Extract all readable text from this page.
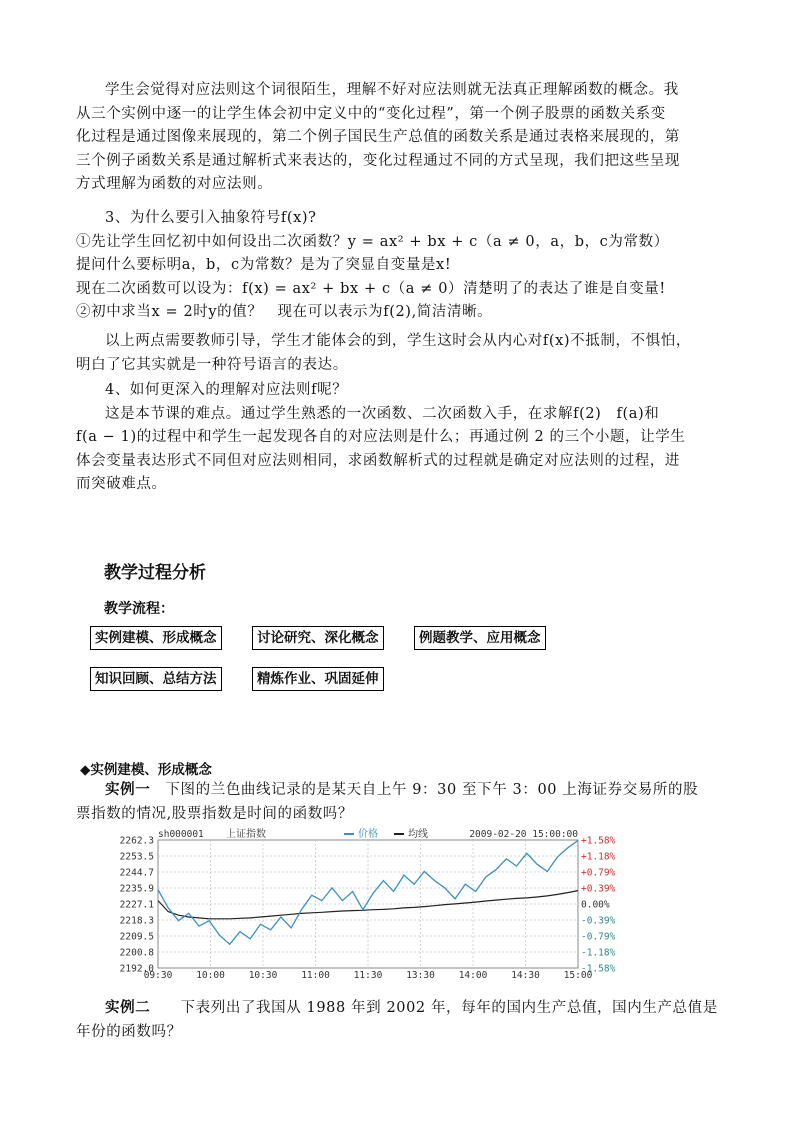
学生会觉得对应法则这个词很陌生，理解不好对应法则就无法真正理解函数的概念。我
从三个实例中逐一的让学生体会初中定义中的“变化过程”，第一个例子股票的函数关系变
化过程是通过图像来展现的，第二个例子国民生产总值的函数关系是通过表格来展现的，第
三个例子函数关系是通过解析式来表达的，变化过程通过不同的方式呈现，我们把这些呈现
方式理解为函数的对应法则。
3、为什么要引入抽象符号f(x)?
①先让学生回忆初中如何设出二次函数？y = ax² + bx + c（a ≠ 0，a，b，c为常数）
提问什么要标明a，b，c为常数？是为了突显自变量是x!
现在二次函数可以设为：f(x) = ax² + bx + c（a ≠ 0）清楚明了的表达了谁是自变量!
②初中求当x = 2时y的值？　现在可以表示为f(2),简洁清晰。
以上两点需要教师引导，学生才能体会的到，学生这时会从内心对f(x)不抵制，不惧怕，
明白了它其实就是一种符号语言的表达。
4、如何更深入的理解对应法则f呢？
这是本节课的难点。通过学生熟悉的一次函数、二次函数入手，在求解f(2)　f(a)和
f(a − 1)的过程中和学生一起发现各自的对应法则是什么；再通过例 2 的三个小题，让学生
体会变量表达形式不同但对应法则相同，求函数解析式的过程就是确定对应法则的过程，进
而突破难点。
教学过程分析
教学流程：
实例建模、形成概念	讨论研究、深化概念	例题教学、应用概念
知识回顾、总结方法	精炼作业、巩固延伸
◆实例建模、形成概念
实例一　 下图的兰色曲线记录的是某天自上午 9：30 至下午 3：00 上海证券交易所的股
票指数的情况,股票指数是时间的函数吗？
2262.3	+1.58%
2253.5	+1.18%
2244.7	+0.79%
2235.9	+0.39%
2227.1	0.00%
2218.3	-0.39%
2209.5	-0.79%
2200.8	-1.18%
2192.0	-1.58%
09:30	10:00	10:30	11:00	11:30	13:30	14:00	14:30	15:00
sh000001 上证指数	价格	均线	2009-02-20 15:00:00
实例二　　 下表列出了我国从 1988 年到 2002 年，每年的国内生产总值，国内生产总值是
年份的函数吗？
